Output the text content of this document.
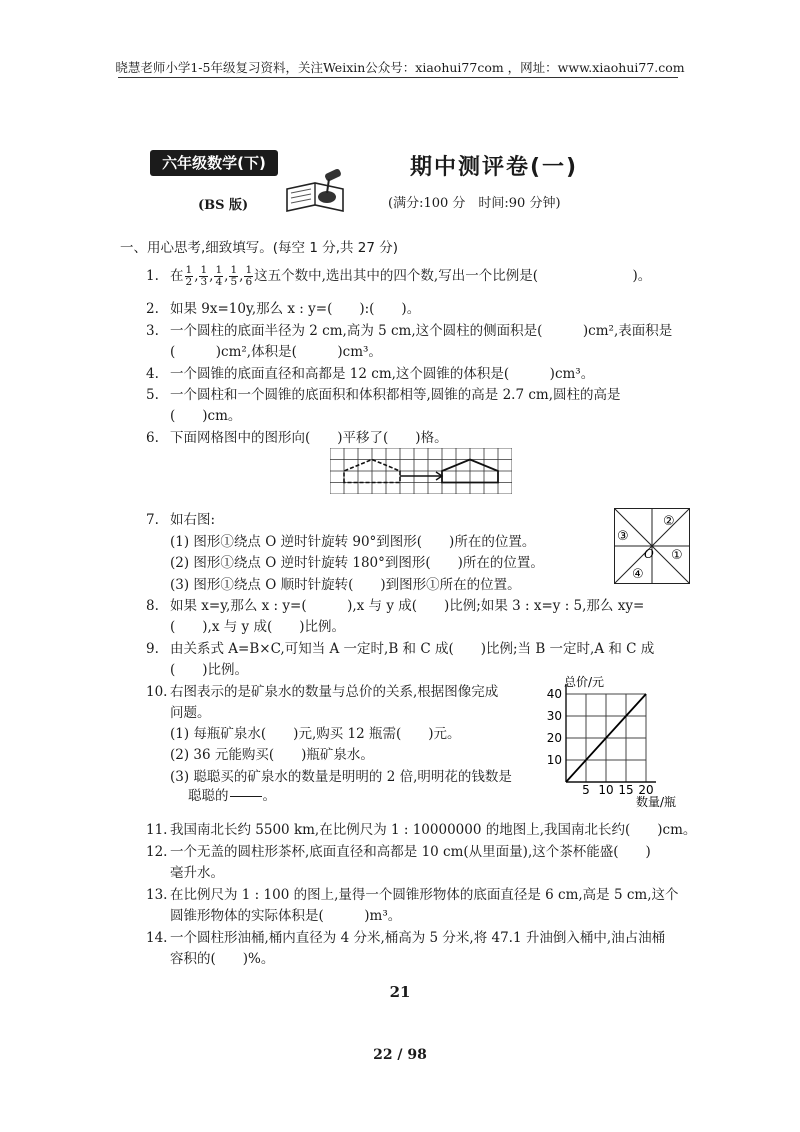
晓慧老师小学1-5年级复习资料，关注Weixin公众号：xiaohui77com ，网址：www.xiaohui77.com
六年级数学(下)
(BS 版)
期中测评卷(一)
(满分:100 分　时间:90 分钟)
一、用心思考,细致填写。(每空 1 分,共 27 分)
1. 在 $\frac{1}{2}$ , $\frac{1}{3}$ , $\frac{1}{4}$ , $\frac{1}{5}$ , $\frac{1}{6}$ 这五个数中,选出其中的四个数,写出一个比例是(　　　　　　　)。
2. 如果 9x=10y,那么 x : y=(　　):(　　)。
3. 一个圆柱的底面半径为 2 cm,高为 5 cm,这个圆柱的侧面积是(　　　)cm²,表面积是
(　　　)cm²,体积是(　　　)cm³。
4. 一个圆锥的底面直径和高都是 12 cm,这个圆锥的体积是(　　　)cm³。
5. 一个圆柱和一个圆锥的底面积和体积都相等,圆锥的高是 2.7 cm,圆柱的高是
(　　)cm。
6. 下面网格图中的图形向(　　)平移了(　　)格。
7. 如右图:
(1) 图形①绕点 O 逆时针旋转 90°到图形(　　)所在的位置。
(2) 图形①绕点 O 逆时针旋转 180°到图形(　　)所在的位置。
(3) 图形①绕点 O 顺时针旋转(　　)到图形①所在的位置。
②
③
①
④
O
8. 如果 x=y,那么 x : y=(　　　),x 与 y 成(　　)比例;如果 3 : x=y : 5,那么 xy=
(　　),x 与 y 成(　　)比例。
9. 由关系式 A=B×C,可知当 A 一定时,B 和 C 成(　　)比例;当 B 一定时,A 和 C 成
(　　)比例。
10. 右图表示的是矿泉水的数量与总价的关系,根据图像完成
问题。
(1) 每瓶矿泉水(　　)元,购买 12 瓶需(　　)元。
(2) 36 元能购买(　　)瓶矿泉水。
(3) 聪聪买的矿泉水的数量是明明的 2 倍,明明花的钱数是
聪聪的

　　	。	5 10 15 20
10
20
30
40
总价/元
数量/瓶
11. 我国南北长约 5500 km,在比例尺为 1 : 10000000 的地图上,我国南北长约(　　)cm。
12. 一个无盖的圆柱形茶杯,底面直径和高都是 10 cm(从里面量),这个茶杯能盛(　　)
毫升水。
13. 在比例尺为 1 : 100 的图上,量得一个圆锥形物体的底面直径是 6 cm,高是 5 cm,这个
圆锥形物体的实际体积是(　　　)m³。
14. 一个圆柱形油桶,桶内直径为 4 分米,桶高为 5 分米,将 47.1 升油倒入桶中,油占油桶
容积的(　　)%。
21
22 / 98
